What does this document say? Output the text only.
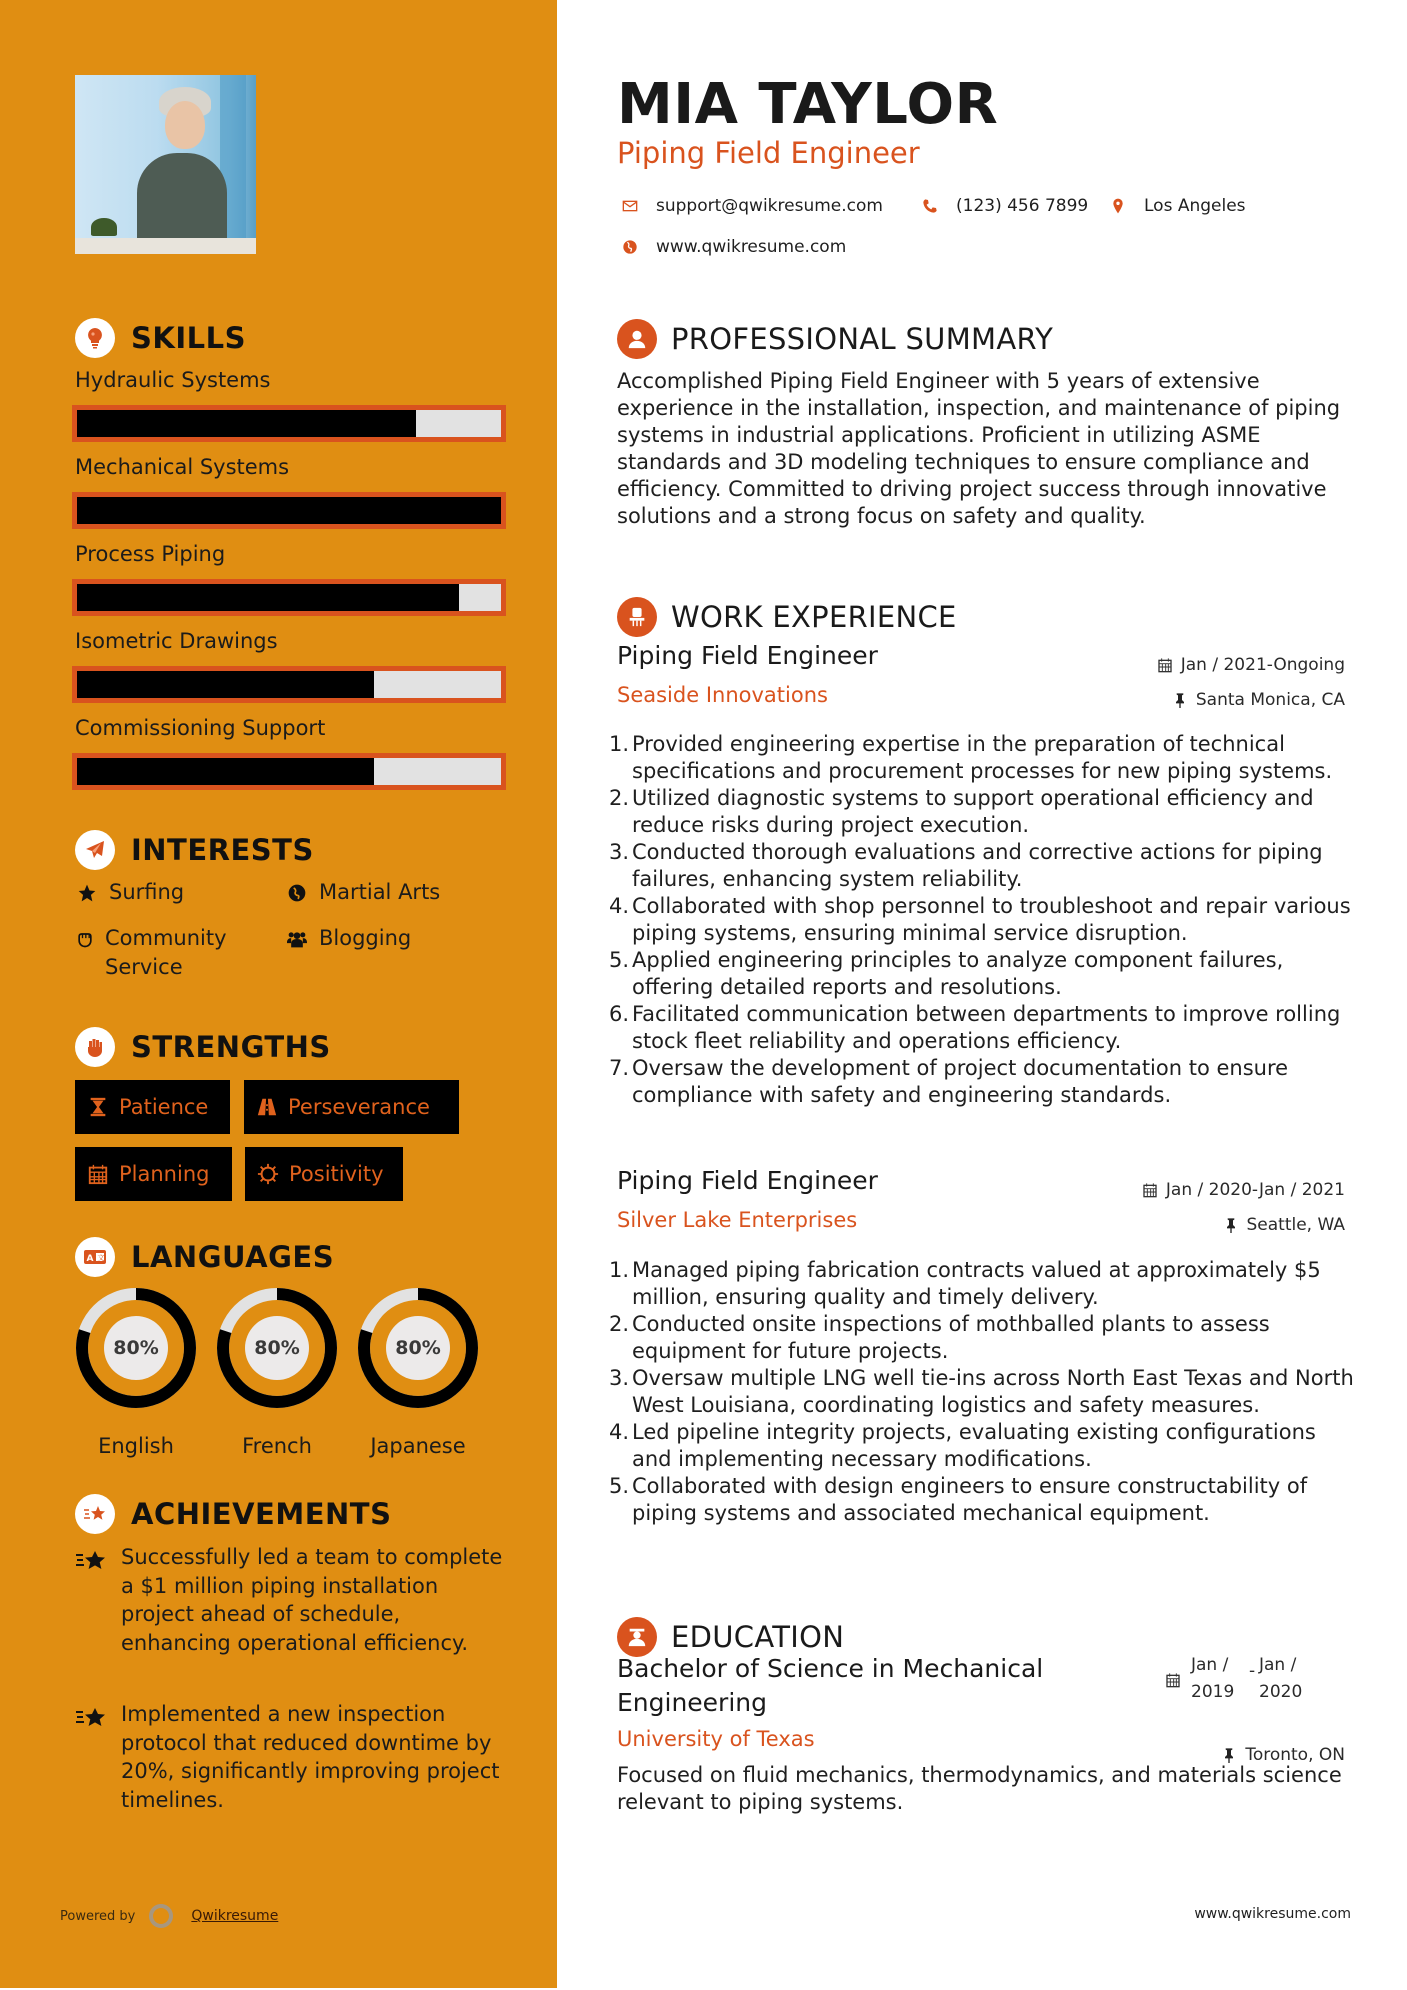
SKILLS
Hydraulic Systems
Mechanical Systems
Process Piping
Isometric Drawings
Commissioning Support
INTERESTS
Surfing	Martial Arts
Community Service
Blogging
STRENGTHS
Patience	Perseverance
Planning	Positivity
A 文 LANGUAGES
80%
English
80%
French
80%
Japanese
ACHIEVEMENTS
Successfully led a team to complete a $1 million piping installation project ahead of schedule, enhancing operational efficiency.
Implemented a new inspection protocol that reduced downtime by 20%, significantly improving project timelines.
Powered by	Qwikresume
MIA TAYLOR
Piping Field Engineer
support@qwikresume.com	(123) 456 7899	Los Angeles
www.qwikresume.com
PROFESSIONAL SUMMARY
Accomplished Piping Field Engineer with 5 years of extensive experience in the installation, inspection, and maintenance of piping systems in industrial applications. Proficient in utilizing ASME standards and 3D modeling techniques to ensure compliance and efficiency. Committed to driving project success through innovative solutions and a strong focus on safety and quality.
WORK EXPERIENCE
Piping Field Engineer
Seaside Innovations
Jan / 2021-Ongoing
Santa Monica, CA
1. Provided engineering expertise in the preparation of technical specifications and procurement processes for new piping systems.
2. Utilized diagnostic systems to support operational efficiency and reduce risks during project execution.
3. Conducted thorough evaluations and corrective actions for piping failures, enhancing system reliability.
4. Collaborated with shop personnel to troubleshoot and repair various piping systems, ensuring minimal service disruption.
5. Applied engineering principles to analyze component failures, offering detailed reports and resolutions.
6. Facilitated communication between departments to improve rolling stock fleet reliability and operations efficiency.
7. Oversaw the development of project documentation to ensure compliance with safety and engineering standards.
Piping Field Engineer
Silver Lake Enterprises
Jan / 2020-Jan / 2021
Seattle, WA
1. Managed piping fabrication contracts valued at approximately $5 million, ensuring quality and timely delivery.
2. Conducted onsite inspections of mothballed plants to assess equipment for future projects.
3. Oversaw multiple LNG well tie-ins across North East Texas and North West Louisiana, coordinating logistics and safety measures.
4. Led pipeline integrity projects, evaluating existing configurations and implementing necessary modifications.
5. Collaborated with design engineers to ensure constructability of piping systems and associated mechanical equipment.
EDUCATION
Bachelor of Science in Mechanical Engineering
University of Texas
Jan /
2019
- Jan /
2020
Toronto, ON
Focused on fluid mechanics, thermodynamics, and materials science relevant to piping systems.
www.qwikresume.com
